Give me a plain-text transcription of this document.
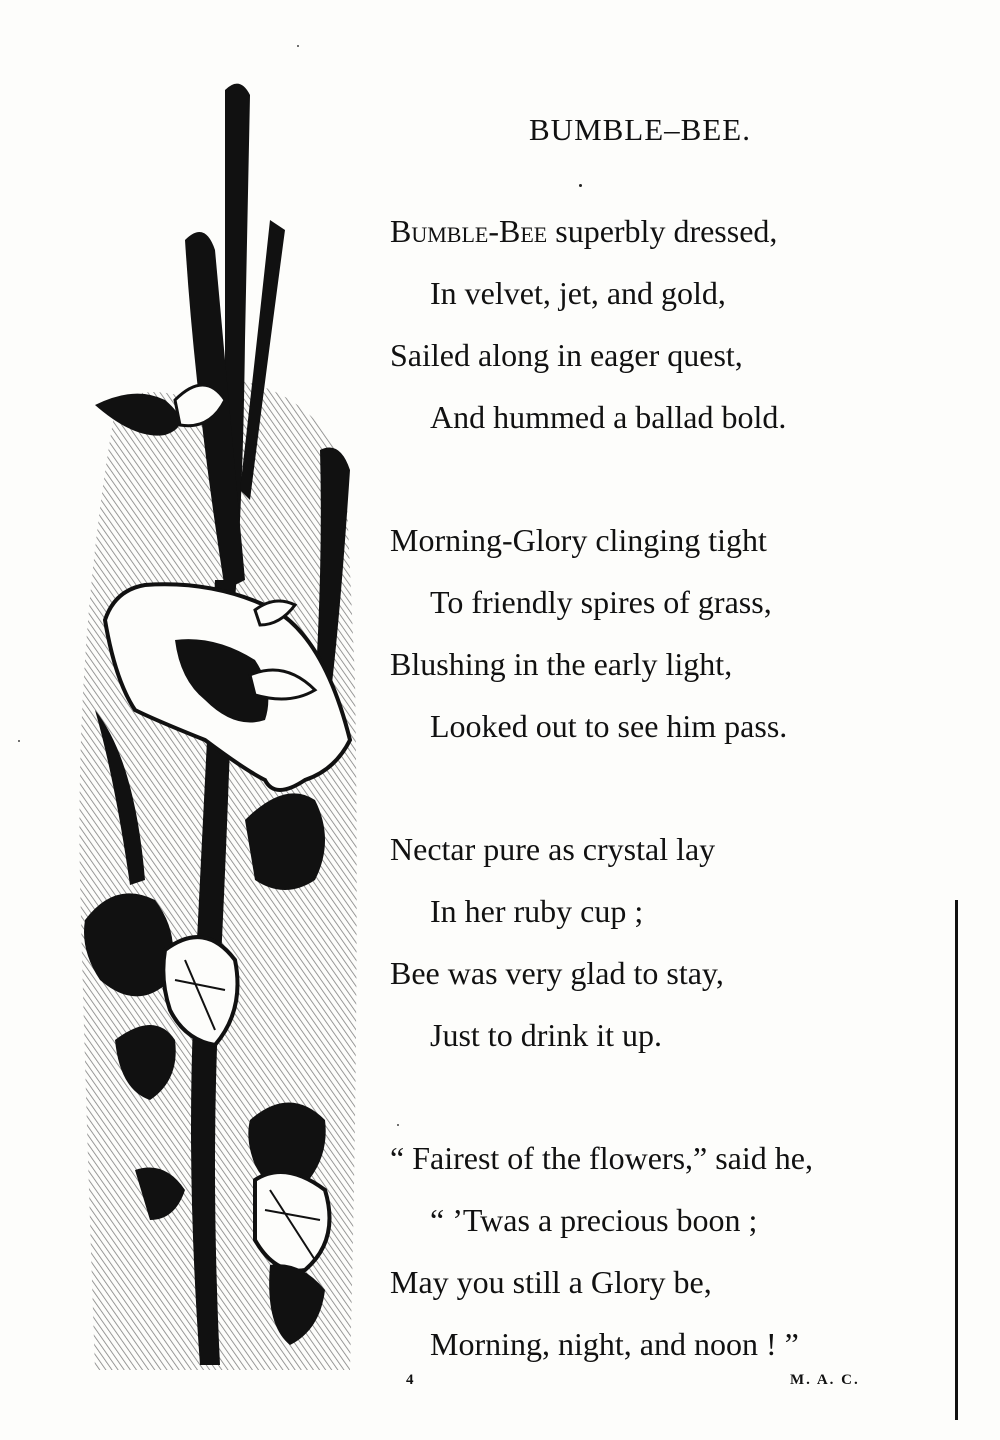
BUMBLE–BEE.
Bumble-Bee superbly dressed,
In velvet, jet, and gold,
Sailed along in eager quest,
And hummed a ballad bold.
Morning-Glory clinging tight
To friendly spires of grass,
Blushing in the early light,
Looked out to see him pass.
Nectar pure as crystal lay
In her ruby cup ;
Bee was very glad to stay,
Just to drink it up.
“ Fairest of the flowers,” said he,
“ ’Twas a precious boon ;
May you still a Glory be,
Morning, night, and noon ! ”
4	M. A. C.
